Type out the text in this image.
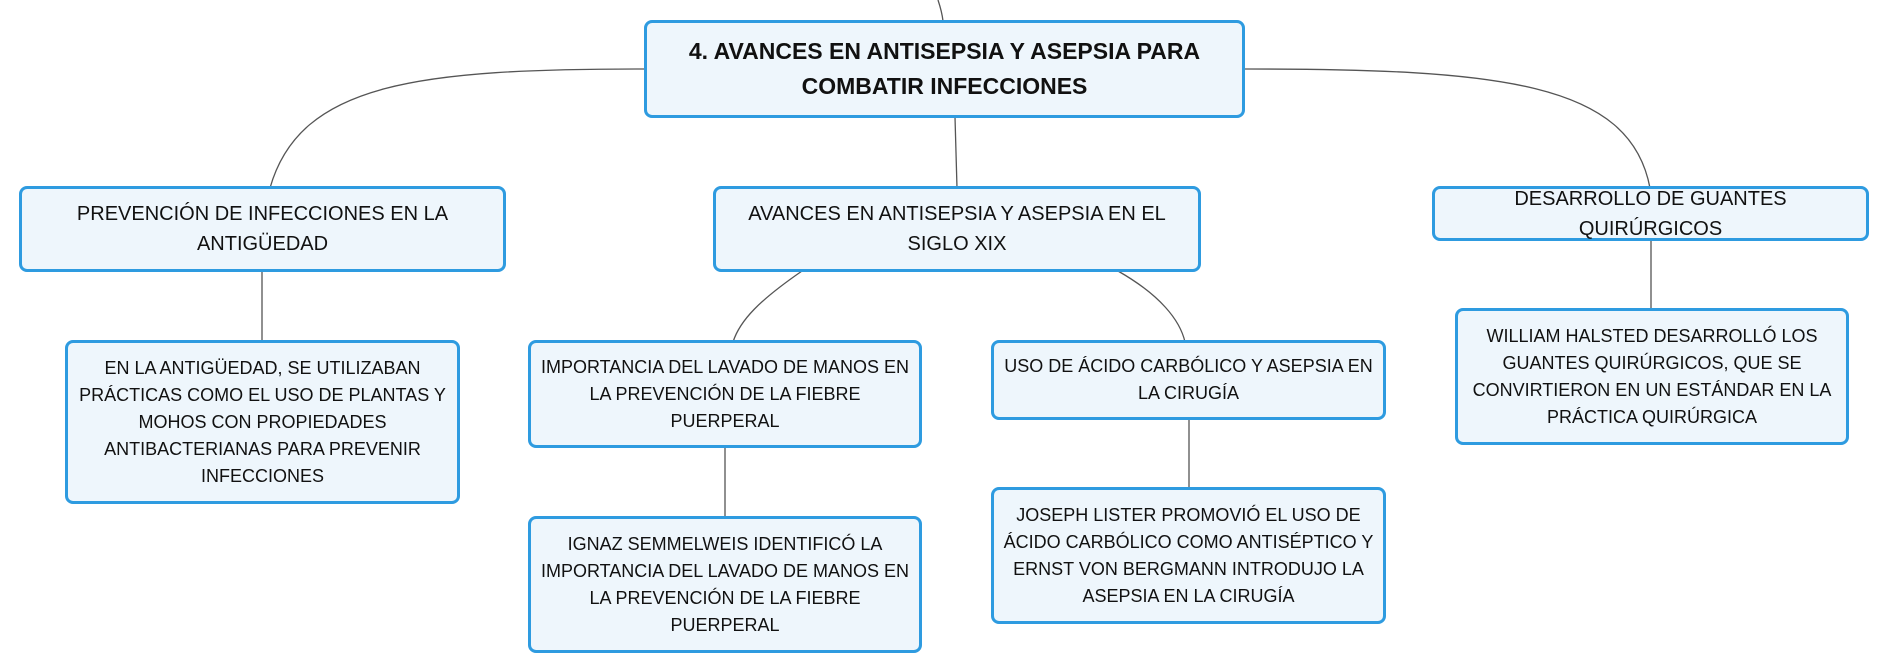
4. AVANCES EN ANTISEPSIA Y ASEPSIA PARA COMBATIR INFECCIONES
PREVENCIÓN DE INFECCIONES EN LA ANTIGÜEDAD
AVANCES EN ANTISEPSIA Y ASEPSIA EN EL SIGLO XIX
DESARROLLO DE GUANTES QUIRÚRGICOS
EN LA ANTIGÜEDAD, SE UTILIZABAN PRÁCTICAS COMO EL USO DE PLANTAS Y MOHOS CON PROPIEDADES ANTIBACTERIANAS PARA PREVENIR INFECCIONES
IMPORTANCIA DEL LAVADO DE MANOS EN LA PREVENCIÓN DE LA FIEBRE PUERPERAL
USO DE ÁCIDO CARBÓLICO Y ASEPSIA EN LA CIRUGÍA
WILLIAM HALSTED DESARROLLÓ LOS GUANTES QUIRÚRGICOS, QUE SE CONVIRTIERON EN UN ESTÁNDAR EN LA PRÁCTICA QUIRÚRGICA
IGNAZ SEMMELWEIS IDENTIFICÓ LA IMPORTANCIA DEL LAVADO DE MANOS EN LA PREVENCIÓN DE LA FIEBRE PUERPERAL
JOSEPH LISTER PROMOVIÓ EL USO DE ÁCIDO CARBÓLICO COMO ANTISÉPTICO Y ERNST VON BERGMANN INTRODUJO LA ASEPSIA EN LA CIRUGÍA
